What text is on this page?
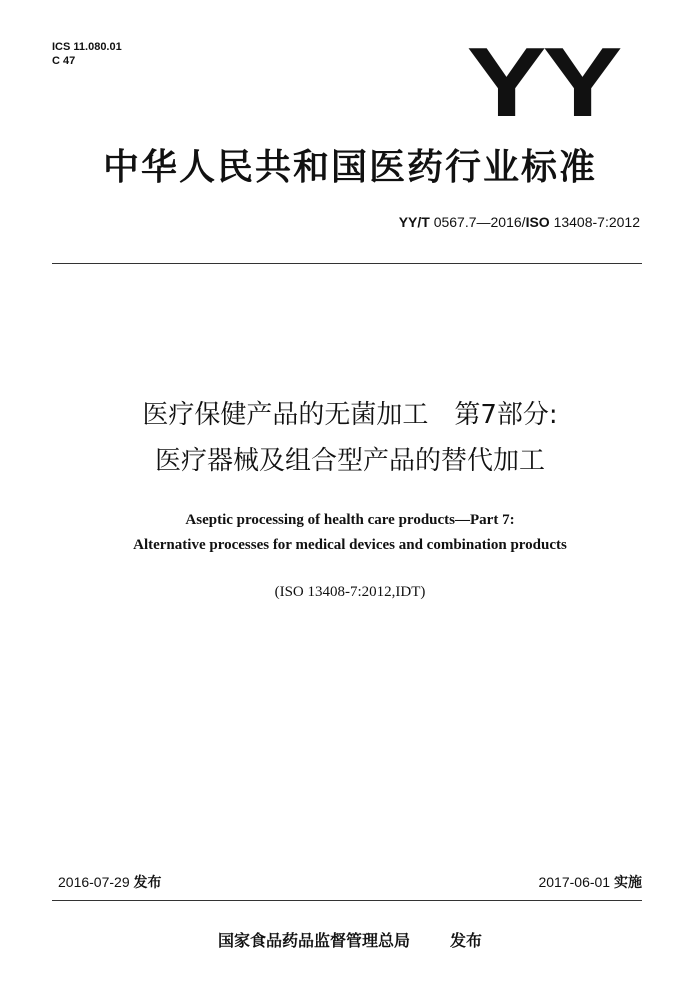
ICS 11.080.01
C 47	YY
中华人民共和国医药行业标准
YY/T 0567.7—2016/ISO 13408-7:2012
医疗保健产品的无菌加工　第7部分:
医疗器械及组合型产品的替代加工
Aseptic processing of health care products—Part 7:
Alternative processes for medical devices and combination products
(ISO 13408-7:2012,IDT)
2016-07-29 发布	2017-06-01 实施
国家食品药品监督管理总局	发布
